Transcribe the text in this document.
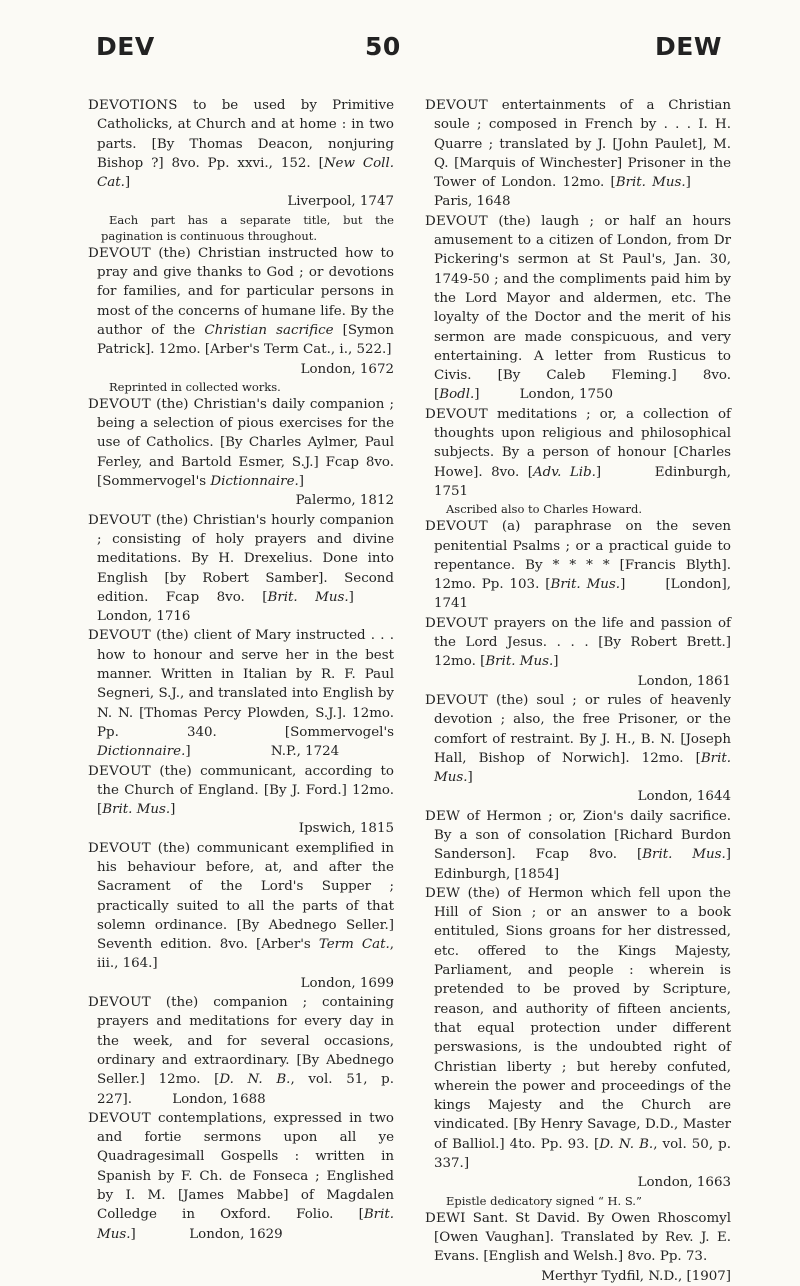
DEV	50	DEW
DEVOTIONS to be used by Primitive Catholicks, at Church and at home : in two parts. [By Thomas Deacon, nonjuring Bishop ?] 8vo. Pp. xxvi., 152. [New Coll. Cat.]
Liverpool, 1747
Each part has a separate title, but the pagination is continuous throughout.
DEVOUT (the) Christian instructed how to pray and give thanks to God ; or devotions for families, and for particular persons in most of the concerns of humane life. By the author of the Christian sacrifice [Symon Patrick]. 12mo. [Arber's Term Cat., i., 522.]
London, 1672
Reprinted in collected works.
DEVOUT (the) Christian's daily companion ; being a selection of pious exercises for the use of Catholics. [By Charles Aylmer, Paul Ferley, and Bartold Esmer, S.J.] Fcap 8vo. [Sommervogel's Dictionnaire.]
Palermo, 1812
DEVOUT (the) Christian's hourly companion ; consisting of holy prayers and divine meditations. By H. Drexelius. Done into English [by Robert Samber]. Second edition. Fcap 8vo. [Brit. Mus.]   London, 1716
DEVOUT (the) client of Mary instructed . . . how to honour and serve her in the best manner. Written in Italian by R. F. Paul Segneri, S.J., and translated into English by N. N. [Thomas Percy Plowden, S.J.]. 12mo. Pp. 340. [Sommervogel's Dictionnaire.]      N.P., 1724
DEVOUT (the) communicant, according to the Church of England. [By J. Ford.] 12mo. [Brit. Mus.]
Ipswich, 1815
DEVOUT (the) communicant exemplified in his behaviour before, at, and after the Sacrament of the Lord's Supper ; practically suited to all the parts of that solemn ordinance. [By Abednego Seller.] Seventh edition. 8vo. [Arber's Term Cat., iii., 164.]
London, 1699
DEVOUT (the) companion ; containing prayers and meditations for every day in the week, and for several occasions, ordinary and extraordinary. [By Abednego Seller.] 12mo. [D. N. B., vol. 51, p. 227].   London, 1688
DEVOUT contemplations, expressed in two and fortie sermons upon all ye Quadragesimall Gospells : written in Spanish by F. Ch. de Fonseca ; Englished by I. M. [James Mabbe] of Magdalen Colledge in Oxford. Folio. [Brit. Mus.]    London, 1629
DEVOUT entertainments of a Christian soule ; composed in French by . . . I. H. Quarre ; translated by J. [John Paulet], M. Q. [Marquis of Winchester] Prisoner in the Tower of London. 12mo. [Brit. Mus.]   Paris, 1648
DEVOUT (the) laugh ; or half an hours amusement to a citizen of London, from Dr Pickering's sermon at St Paul's, Jan. 30, 1749-50 ; and the compliments paid him by the Lord Mayor and aldermen, etc. The loyalty of the Doctor and the merit of his sermon are made conspicuous, and very entertaining. A letter from Rusticus to Civis. [By Caleb Fleming.] 8vo. [Bodl.]   London, 1750
DEVOUT meditations ; or, a collection of thoughts upon religious and philosophical subjects. By a person of honour [Charles Howe]. 8vo. [Adv. Lib.]    Edinburgh, 1751
Ascribed also to Charles Howard.
DEVOUT (a) paraphrase on the seven penitential Psalms ; or a practical guide to repentance. By * * * * [Francis Blyth]. 12mo. Pp. 103. [Brit. Mus.]   [London], 1741
DEVOUT prayers on the life and passion of the Lord Jesus. . . . [By Robert Brett.] 12mo. [Brit. Mus.]
London, 1861
DEVOUT (the) soul ; or rules of heavenly devotion ; also, the free Prisoner, or the comfort of restraint. By J. H., B. N. [Joseph Hall, Bishop of Norwich]. 12mo. [Brit. Mus.]
London, 1644
DEW of Hermon ; or, Zion's daily sacrifice. By a son of consolation [Richard Burdon Sanderson]. Fcap 8vo. [Brit. Mus.] Edinburgh, [1854]
DEW (the) of Hermon which fell upon the Hill of Sion ; or an answer to a book entituled, Sions groans for her distressed, etc. offered to the Kings Majesty, Parliament, and people : wherein is pretended to be proved by Scripture, reason, and authority of fifteen ancients, that equal protection under different perswasions, is the undoubted right of Christian liberty ; but hereby confuted, wherein the power and proceedings of the kings Majesty and the Church are vindicated. [By Henry Savage, D.D., Master of Balliol.] 4to. Pp. 93. [D. N. B., vol. 50, p. 337.]
London, 1663
Epistle dedicatory signed “ H. S.”
DEWI Sant. St David. By Owen Rhoscomyl [Owen Vaughan]. Translated by Rev. J. E. Evans. [English and Welsh.] 8vo. Pp. 73.
Merthyr Tydfil, N.D., [1907]
